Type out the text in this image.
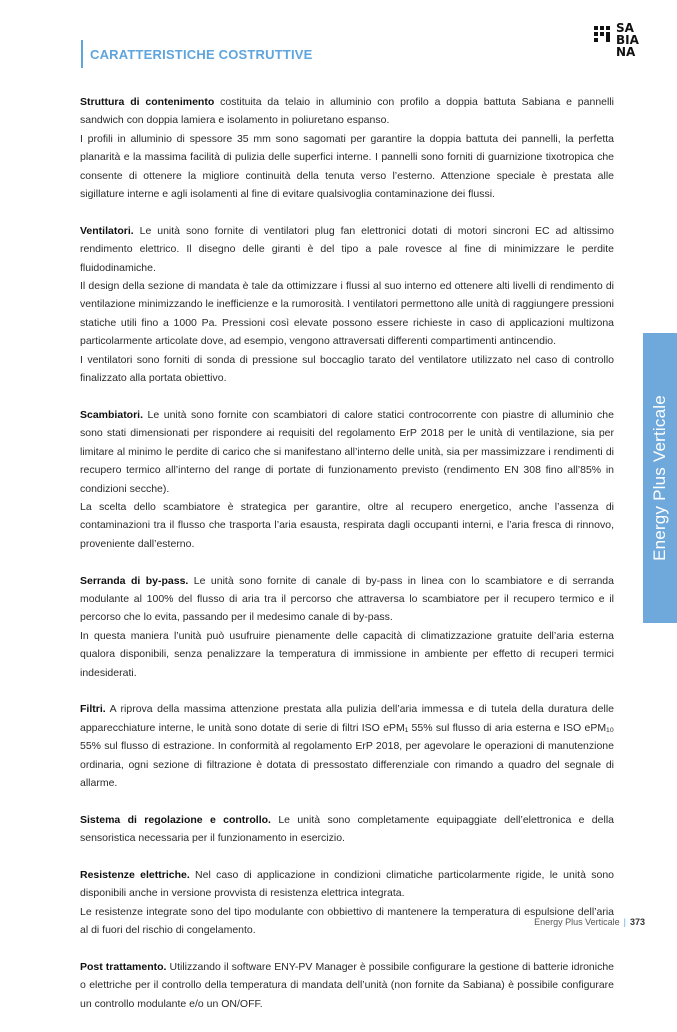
CARATTERISTICHE COSTRUTTIVE
SABIANA

Struttura di contenimento costituita da telaio in alluminio con profilo a doppia battuta Sabiana e pannelli sandwich con doppia lamiera e isolamento in poliuretano espanso.

I profili in alluminio di spessore 35 mm sono sagomati per garantire la doppia battuta dei pannelli, la perfetta planarità e la massima facilità di pulizia delle superfici interne. I pannelli sono forniti di guarnizione tixotropica che consente di ottenere la migliore continuità della tenuta verso l’esterno. Attenzione speciale è prestata alle sigillature interne e agli isolamenti al fine di evitare qualsivoglia contaminazione dei flussi.

Ventilatori. Le unità sono fornite di ventilatori plug fan elettronici dotati di motori sincroni EC ad altissimo rendimento elettrico. Il disegno delle giranti è del tipo a pale rovesce al fine di minimizzare le perdite fluidodinamiche.

Il design della sezione di mandata è tale da ottimizzare i flussi al suo interno ed ottenere alti livelli di rendimento di ventilazione minimizzando le inefficienze e la rumorosità. I ventilatori permettono alle unità di raggiungere pressioni statiche utili fino a 1000 Pa. Pressioni così elevate possono essere richieste in caso di applicazioni multizona particolarmente articolate dove, ad esempio, vengono attraversati differenti compartimenti antincendio.

I ventilatori sono forniti di sonda di pressione sul boccaglio tarato del ventilatore utilizzato nel caso di controllo finalizzato alla portata obiettivo.

Scambiatori. Le unità sono fornite con scambiatori di calore statici controcorrente con piastre di alluminio che sono stati dimensionati per rispondere ai requisiti del regolamento ErP 2018 per le unità di ventilazione, sia per limitare al minimo le perdite di carico che si manifestano all’interno delle unità, sia per massimizzare i rendimenti di recupero termico all’interno del range di portate di funzionamento previsto (rendimento EN 308 fino all’85% in condizioni secche).

La scelta dello scambiatore è strategica per garantire, oltre al recupero energetico, anche l’assenza di contaminazioni tra il flusso che trasporta l’aria esausta, respirata dagli occupanti interni, e l’aria fresca di rinnovo, proveniente dall’esterno.

Serranda di by-pass. Le unità sono fornite di canale di by-pass in linea con lo scambiatore e di serranda modulante al 100% del flusso di aria tra il percorso che attraversa lo scambiatore per il recupero termico e il percorso che lo evita, passando per il medesimo canale di by-pass.

In questa maniera l’unità può usufruire pienamente delle capacità di climatizzazione gratuite dell’aria esterna qualora disponibili, senza penalizzare la temperatura di immissione in ambiente per effetto di recuperi termici indesiderati.

Filtri. A riprova della massima attenzione prestata alla pulizia dell’aria immessa e di tutela della duratura delle apparecchiature interne, le unità sono dotate di serie di filtri ISO ePM₁ 55% sul flusso di aria esterna e ISO ePM₁₀ 55% sul flusso di estrazione. In conformità al regolamento ErP 2018, per agevolare le operazioni di manutenzione ordinaria, ogni sezione di filtrazione è dotata di pressostato differenziale con rimando a quadro del segnale di allarme.

Sistema di regolazione e controllo. Le unità sono completamente equipaggiate dell’elettronica e della sensoristica necessaria per il funzionamento in esercizio.

Resistenze elettriche. Nel caso di applicazione in condizioni climatiche particolarmente rigide, le unità sono disponibili anche in versione provvista di resistenza elettrica integrata.

Le resistenze integrate sono del tipo modulante con obbiettivo di mantenere la temperatura di espulsione dell’aria al di fuori del rischio di congelamento.

Post trattamento. Utilizzando il software ENY-PV Manager è possibile configurare la gestione di batterie idroniche o elettriche per il controllo della temperatura di mandata dell’unità (non fornite da Sabiana) è possibile configurare un controllo modulante e/o un ON/OFF.

Energy Plus Verticale
Energy Plus Verticale | 373
